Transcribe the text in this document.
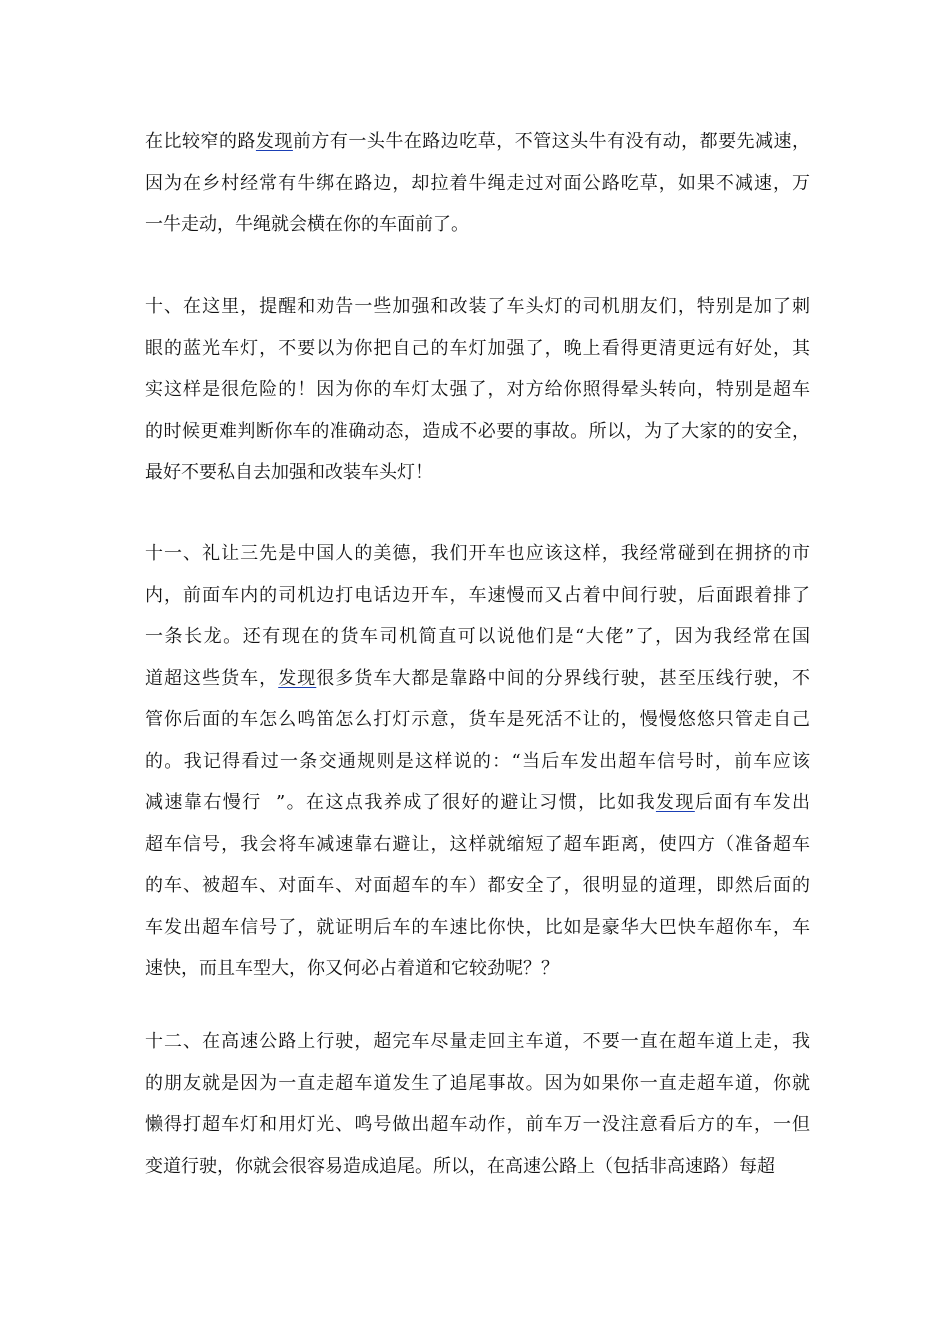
在比较窄的路发现前方有一头牛在路边吃草，不管这头牛有没有动，都要先减速，
因为在乡村经常有牛绑在路边，却拉着牛绳走过对面公路吃草，如果不减速，万
一牛走动，牛绳就会横在你的车面前了。
十、在这里，提醒和劝告一些加强和改装了车头灯的司机朋友们，特别是加了刺
眼的蓝光车灯，不要以为你把自己的车灯加强了，晚上看得更清更远有好处，其
实这样是很危险的！因为你的车灯太强了，对方给你照得晕头转向，特别是超车
的时候更难判断你车的准确动态，造成不必要的事故。所以，为了大家的的安全，
最好不要私自去加强和改装车头灯！
十一、礼让三先是中国人的美德，我们开车也应该这样，我经常碰到在拥挤的市
内，前面车内的司机边打电话边开车，车速慢而又占着中间行驶，后面跟着排了
一条长龙。还有现在的货车司机简直可以说他们是“大佬”了，因为我经常在国
道超这些货车，发现很多货车大都是靠路中间的分界线行驶，甚至压线行驶，不
管你后面的车怎么鸣笛怎么打灯示意，货车是死活不让的，慢慢悠悠只管走自己
的。我记得看过一条交通规则是这样说的：“当后车发出超车信号时，前车应该
减速靠右慢行  ”。在这点我养成了很好的避让习惯，比如我发现后面有车发出
超车信号，我会将车减速靠右避让，这样就缩短了超车距离，使四方（准备超车
的车、被超车、对面车、对面超车的车）都安全了，很明显的道理，即然后面的
车发出超车信号了，就证明后车的车速比你快，比如是豪华大巴快车超你车，车
速快，而且车型大，你又何必占着道和它较劲呢？？
十二、在高速公路上行驶，超完车尽量走回主车道，不要一直在超车道上走，我
的朋友就是因为一直走超车道发生了追尾事故。因为如果你一直走超车道，你就
懒得打超车灯和用灯光、鸣号做出超车动作，前车万一没注意看后方的车，一但
变道行驶，你就会很容易造成追尾。所以，在高速公路上（包括非高速路）每超
